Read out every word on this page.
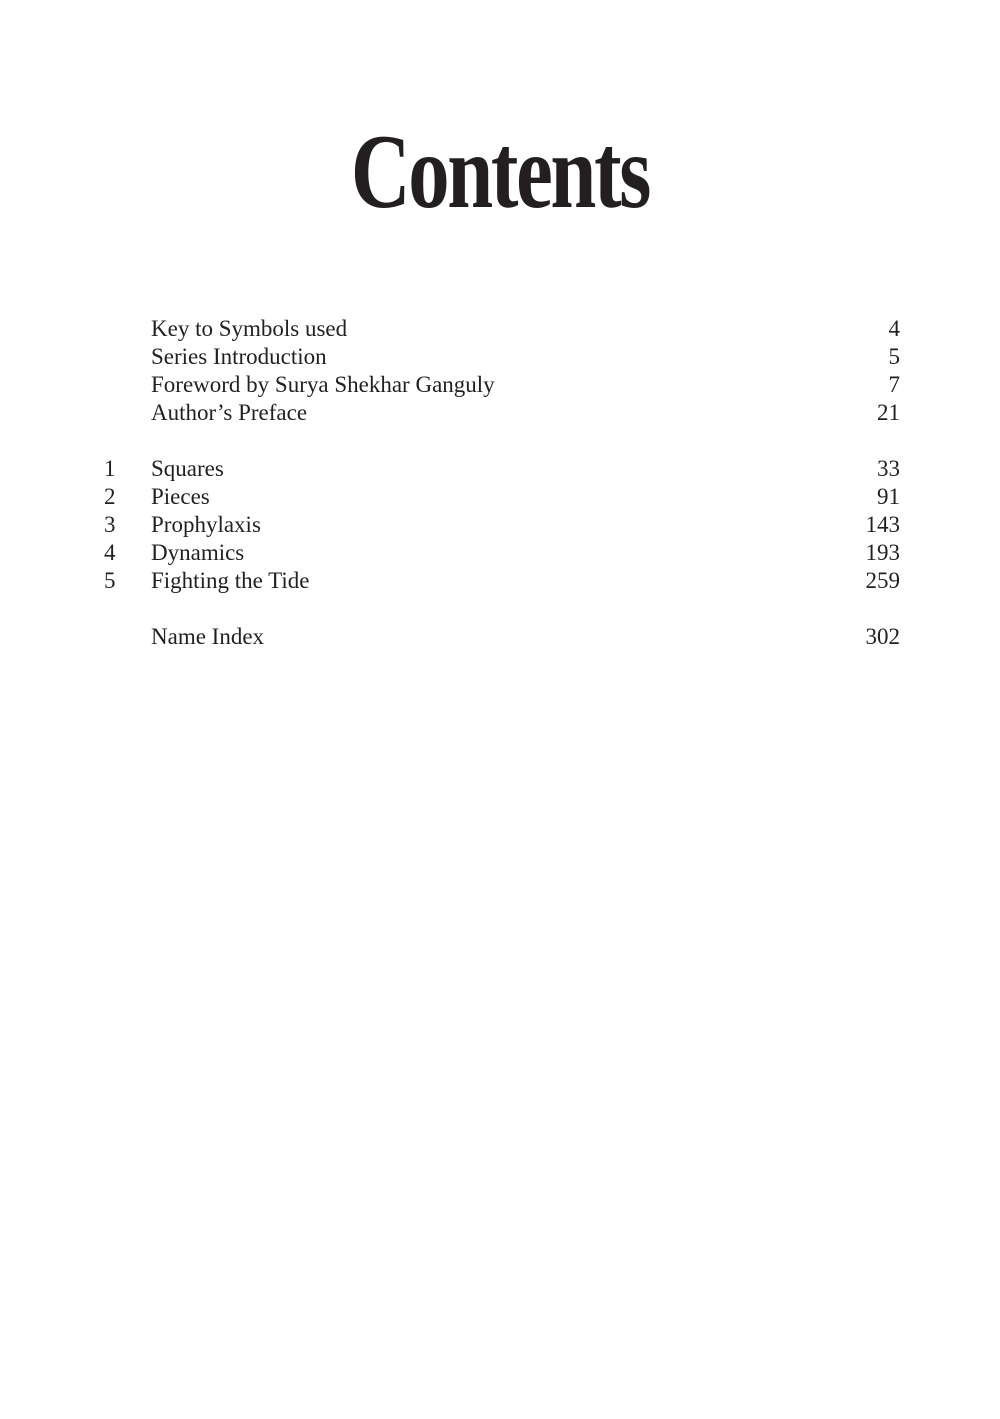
Contents
Key to Symbols used	4
Series Introduction	5
Foreword by Surya Shekhar Ganguly	7
Author’s Preface	21
1	Squares	33
2	Pieces	91
3	Prophylaxis	143
4	Dynamics	193
5	Fighting the Tide	259
Name Index	302
